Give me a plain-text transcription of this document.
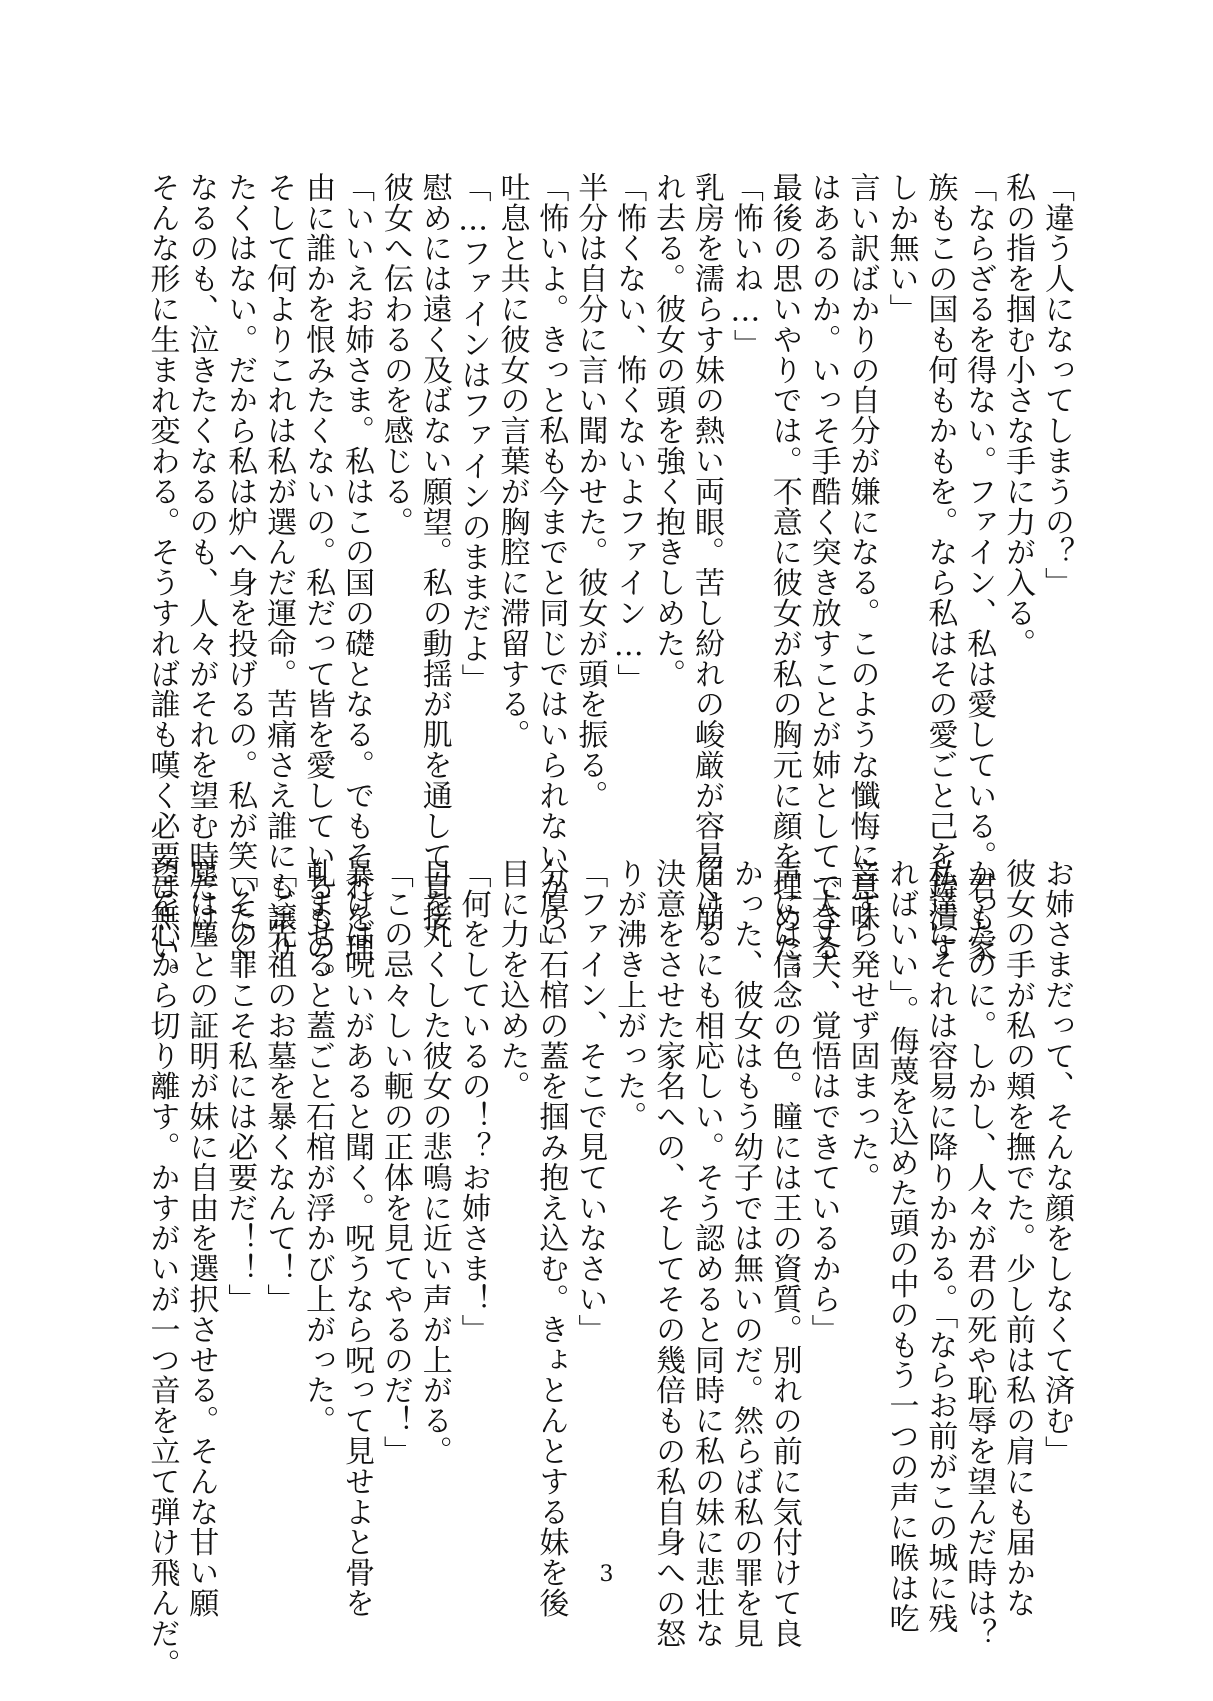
「違う人になってしまうの？」
私の指を掴む小さな手に力が入る。
「ならざるを得ない。ファイン、私は愛している。君も家
族もこの国も何もかもを。なら私はその愛ごと己を鋳潰す
しか無い」
言い訳ばかりの自分が嫌になる。このような懺悔に意味
はあるのか。いっそ手酷く突き放すことが姉としてできる
最後の思いやりでは。不意に彼女が私の胸元に顔を埋めた。
「怖いね…」
乳房を濡らす妹の熱い両眼。苦し紛れの峻厳が容易く崩
れ去る。彼女の頭を強く抱きしめた。
「怖くない、怖くないよファイン…」
半分は自分に言い聞かせた。彼女が頭を振る。
「怖いよ。きっと私も今までと同じではいられないから」
吐息と共に彼女の言葉が胸腔に滞留する。
「…ファインはファインのままだよ」
慰めには遠く及ばない願望。私の動揺が肌を通して直接
彼女へ伝わるのを感じる。
「いいえお姉さま。私はこの国の礎となる。でもそれを理
由に誰かを恨みたくないの。私だって皆を愛しているもの。
そして何よりこれは私が選んだ運命。苦痛さえ誰にも譲り
たくはない。だから私は炉へ身を投げるの。私が笑いたく
なるのも、泣きたくなるのも、人々がそれを望む時だけ。
そんな形に生まれ変わる。そうすれば誰も嘆く必要は無い。
お姉さまだって、そんな顔をしなくて済む」
彼女の手が私の頬を撫でた。少し前は私の肩にも届かな
かったのに。しかし、人々が君の死や恥辱を望んだ時は？
私達にそれは容易に降りかかる。「ならお前がこの城に残
ればいい」。侮蔑を込めた頭の中のもう一つの声に喉は吃
音すら発せず固まった。
「大丈夫、覚悟はできているから」
声には信念の色。瞳には王の資質。別れの前に気付けて良
かった、彼女はもう幼子では無いのだ。然らば私の罪を見
届けるにも相応しい。そう認めると同時に私の妹に悲壮な
決意をさせた家名への、そしてその幾倍もの私自身への怒
りが沸き上がった。
「ファイン、そこで見ていなさい」
分厚い石棺の蓋を掴み抱え込む。きょとんとする妹を後
目に力を込めた。
「何をしているの！？お姉さま！」
目を丸くした彼女の悲鳴に近い声が上がる。
「この忌々しい軛の正体を見てやるのだ！」
暴けば呪いがあると聞く。呪うなら呪って見せよと骨を
軋ませると蓋ごと石棺が浮かび上がった。
「ご先祖のお墓を暴くなんて！」
「その罪こそ私には必要だ！！」
塵は塵との証明が妹に自由を選択させる。そんな甘い願
望を心から切り離す。かすがいが一つ音を立て弾け飛んだ。	3
